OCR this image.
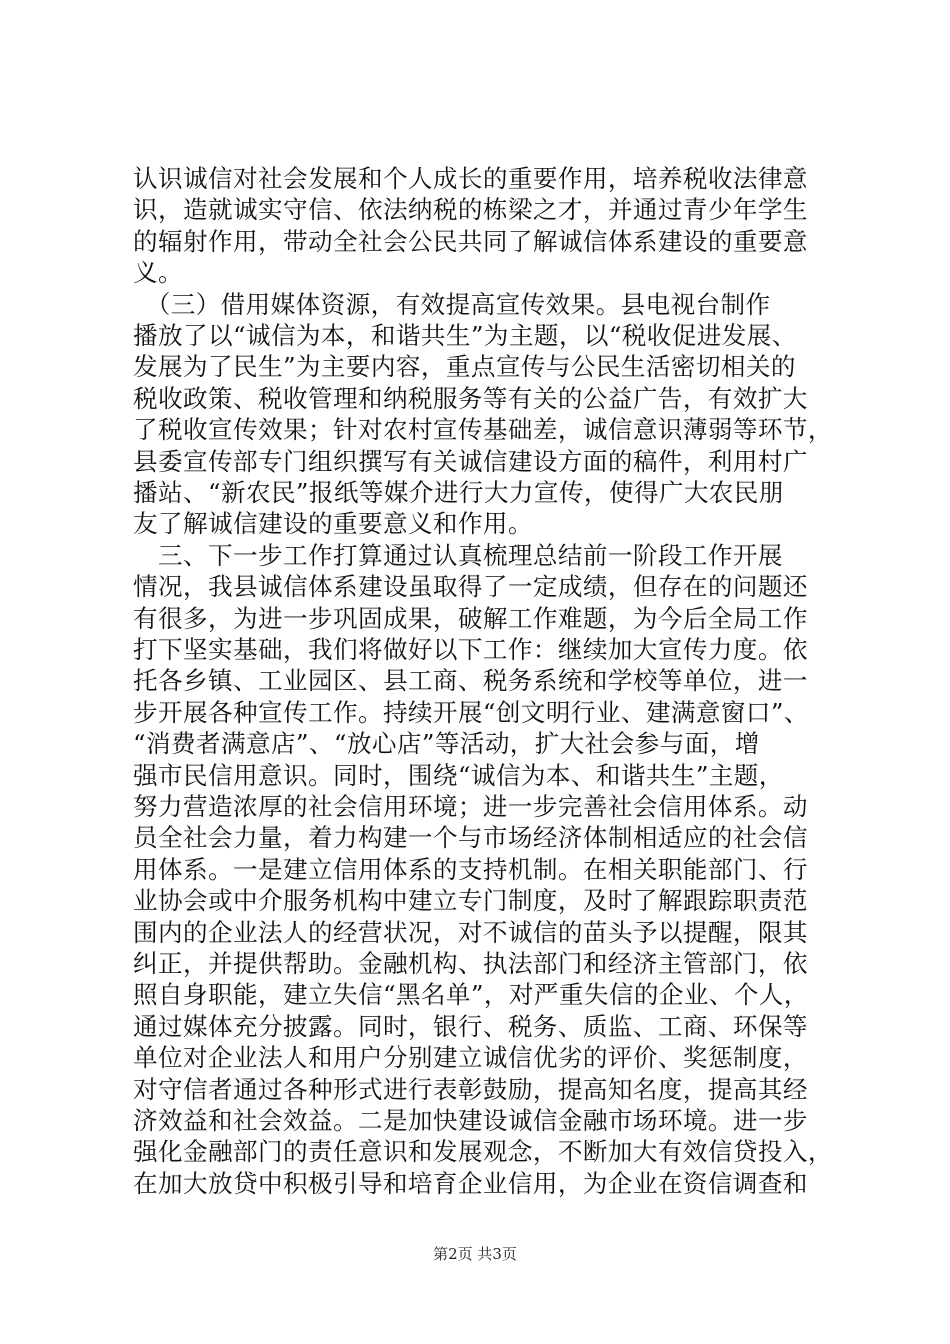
认识诚信对社会发展和个人成长的重要作用，培养税收法律意
识，造就诚实守信、依法纳税的栋梁之才，并通过青少年学生
的辐射作用，带动全社会公民共同了解诚信体系建设的重要意
义。
　（三）借用媒体资源，有效提高宣传效果。县电视台制作
播放了以“诚信为本，和谐共生”为主题，以“税收促进发展、
发展为了民生”为主要内容，重点宣传与公民生活密切相关的
税收政策、税收管理和纳税服务等有关的公益广告，有效扩大
了税收宣传效果；针对农村宣传基础差，诚信意识薄弱等环节，
县委宣传部专门组织撰写有关诚信建设方面的稿件，利用村广
播站、“新农民”报纸等媒介进行大力宣传，使得广大农民朋
友了解诚信建设的重要意义和作用。
　三、下一步工作打算通过认真梳理总结前一阶段工作开展
情况，我县诚信体系建设虽取得了一定成绩，但存在的问题还
有很多，为进一步巩固成果，破解工作难题，为今后全局工作
打下坚实基础，我们将做好以下工作：继续加大宣传力度。依
托各乡镇、工业园区、县工商、税务系统和学校等单位，进一
步开展各种宣传工作。持续开展“创文明行业、建满意窗口”、
“消费者满意店”、“放心店”等活动，扩大社会参与面，增
强市民信用意识。同时，围绕“诚信为本、和谐共生”主题，
努力营造浓厚的社会信用环境；进一步完善社会信用体系。动
员全社会力量，着力构建一个与市场经济体制相适应的社会信
用体系。一是建立信用体系的支持机制。在相关职能部门、行
业协会或中介服务机构中建立专门制度，及时了解跟踪职责范
围内的企业法人的经营状况，对不诚信的苗头予以提醒，限其
纠正，并提供帮助。金融机构、执法部门和经济主管部门，依
照自身职能，建立失信“黑名单”，对严重失信的企业、个人，
通过媒体充分披露。同时，银行、税务、质监、工商、环保等
单位对企业法人和用户分别建立诚信优劣的评价、奖惩制度，
对守信者通过各种形式进行表彰鼓励，提高知名度，提高其经
济效益和社会效益。二是加快建设诚信金融市场环境。进一步
强化金融部门的责任意识和发展观念，不断加大有效信贷投入，
在加大放贷中积极引导和培育企业信用，为企业在资信调查和
第2页 共3页
